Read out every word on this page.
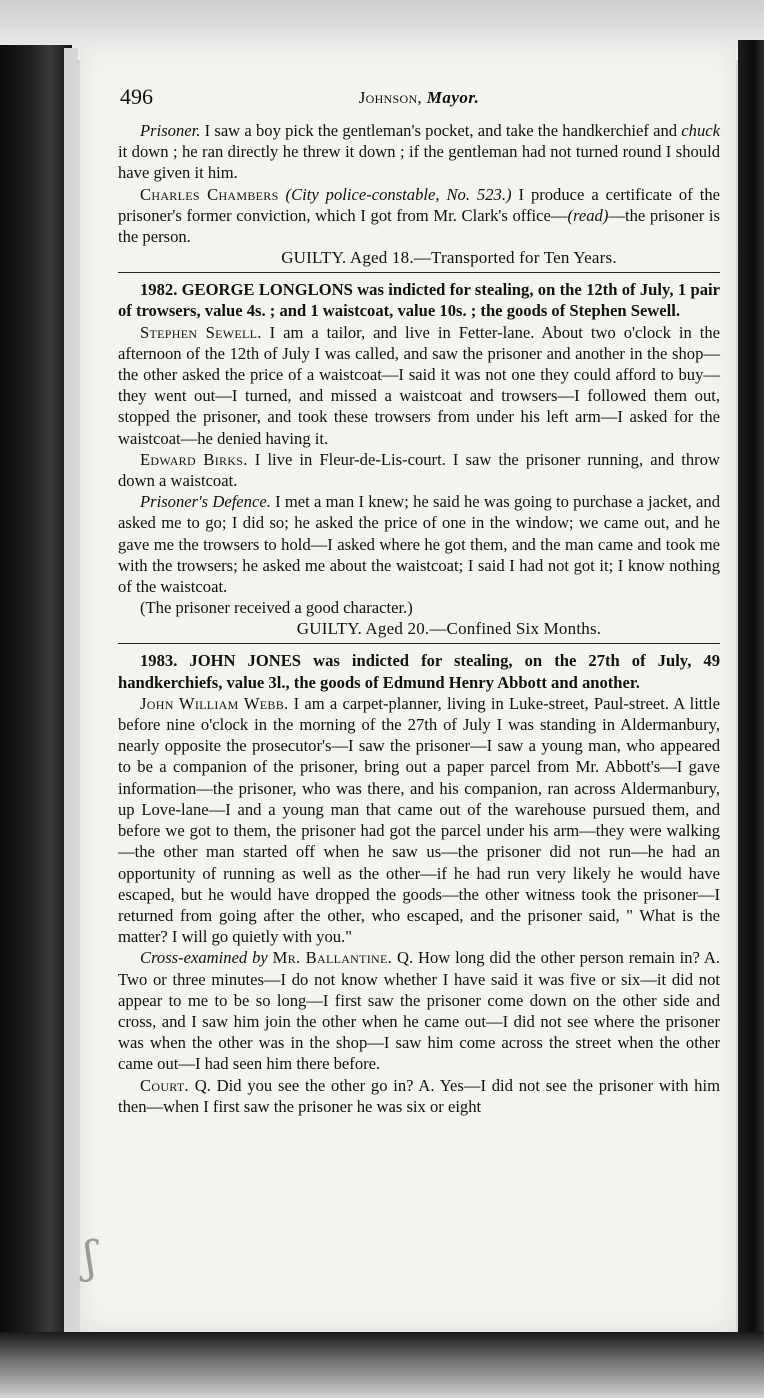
ʃ
496	Johnson, Mayor.

Prisoner. I saw a boy pick the gentleman's pocket, and take the handkerchief and chuck it down ; he ran directly he threw it down ; if the gentleman had not turned round I should have given it him.

Charles Chambers (City police-constable, No. 523.) I produce a certificate of the prisoner's former conviction, which I got from Mr. Clark's office—(read)—the prisoner is the person.

GUILTY. Aged 18.—Transported for Ten Years.

1982. GEORGE LONGLONS was indicted for stealing, on the 12th of July, 1 pair of trowsers, value 4s. ; and 1 waistcoat, value 10s. ; the goods of Stephen Sewell.

Stephen Sewell. I am a tailor, and live in Fetter-lane. About two o'clock in the afternoon of the 12th of July I was called, and saw the prisoner and another in the shop—the other asked the price of a waistcoat—I said it was not one they could afford to buy—they went out—I turned, and missed a waistcoat and trowsers—I followed them out, stopped the prisoner, and took these trowsers from under his left arm—I asked for the waistcoat—he denied having it.

Edward Birks. I live in Fleur-de-Lis-court. I saw the prisoner running, and throw down a waistcoat.

Prisoner's Defence. I met a man I knew; he said he was going to purchase a jacket, and asked me to go; I did so; he asked the price of one in the window; we came out, and he gave me the trowsers to hold—I asked where he got them, and the man came and took me with the trowsers; he asked me about the waistcoat; I said I had not got it; I know nothing of the waistcoat.

(The prisoner received a good character.)

GUILTY. Aged 20.—Confined Six Months.

1983. JOHN JONES was indicted for stealing, on the 27th of July, 49 handkerchiefs, value 3l., the goods of Edmund Henry Abbott and another.

John William Webb. I am a carpet-planner, living in Luke-street, Paul-street. A little before nine o'clock in the morning of the 27th of July I was standing in Aldermanbury, nearly opposite the prosecutor's—I saw the prisoner—I saw a young man, who appeared to be a companion of the prisoner, bring out a paper parcel from Mr. Abbott's—I gave information—the prisoner, who was there, and his companion, ran across Aldermanbury, up Love-lane—I and a young man that came out of the warehouse pursued them, and before we got to them, the prisoner had got the parcel under his arm—they were walking—the other man started off when he saw us—the prisoner did not run—he had an opportunity of running as well as the other—if he had run very likely he would have escaped, but he would have dropped the goods—the other witness took the prisoner—I returned from going after the other, who escaped, and the prisoner said, " What is the matter? I will go quietly with you."

Cross-examined by Mr. Ballantine. Q. How long did the other person remain in? A. Two or three minutes—I do not know whether I have said it was five or six—it did not appear to me to be so long—I first saw the prisoner come down on the other side and cross, and I saw him join the other when he came out—I did not see where the prisoner was when the other was in the shop—I saw him come across the street when the other came out—I had seen him there before.

Court. Q. Did you see the other go in? A. Yes—I did not see the prisoner with him then—when I first saw the prisoner he was six or eight
